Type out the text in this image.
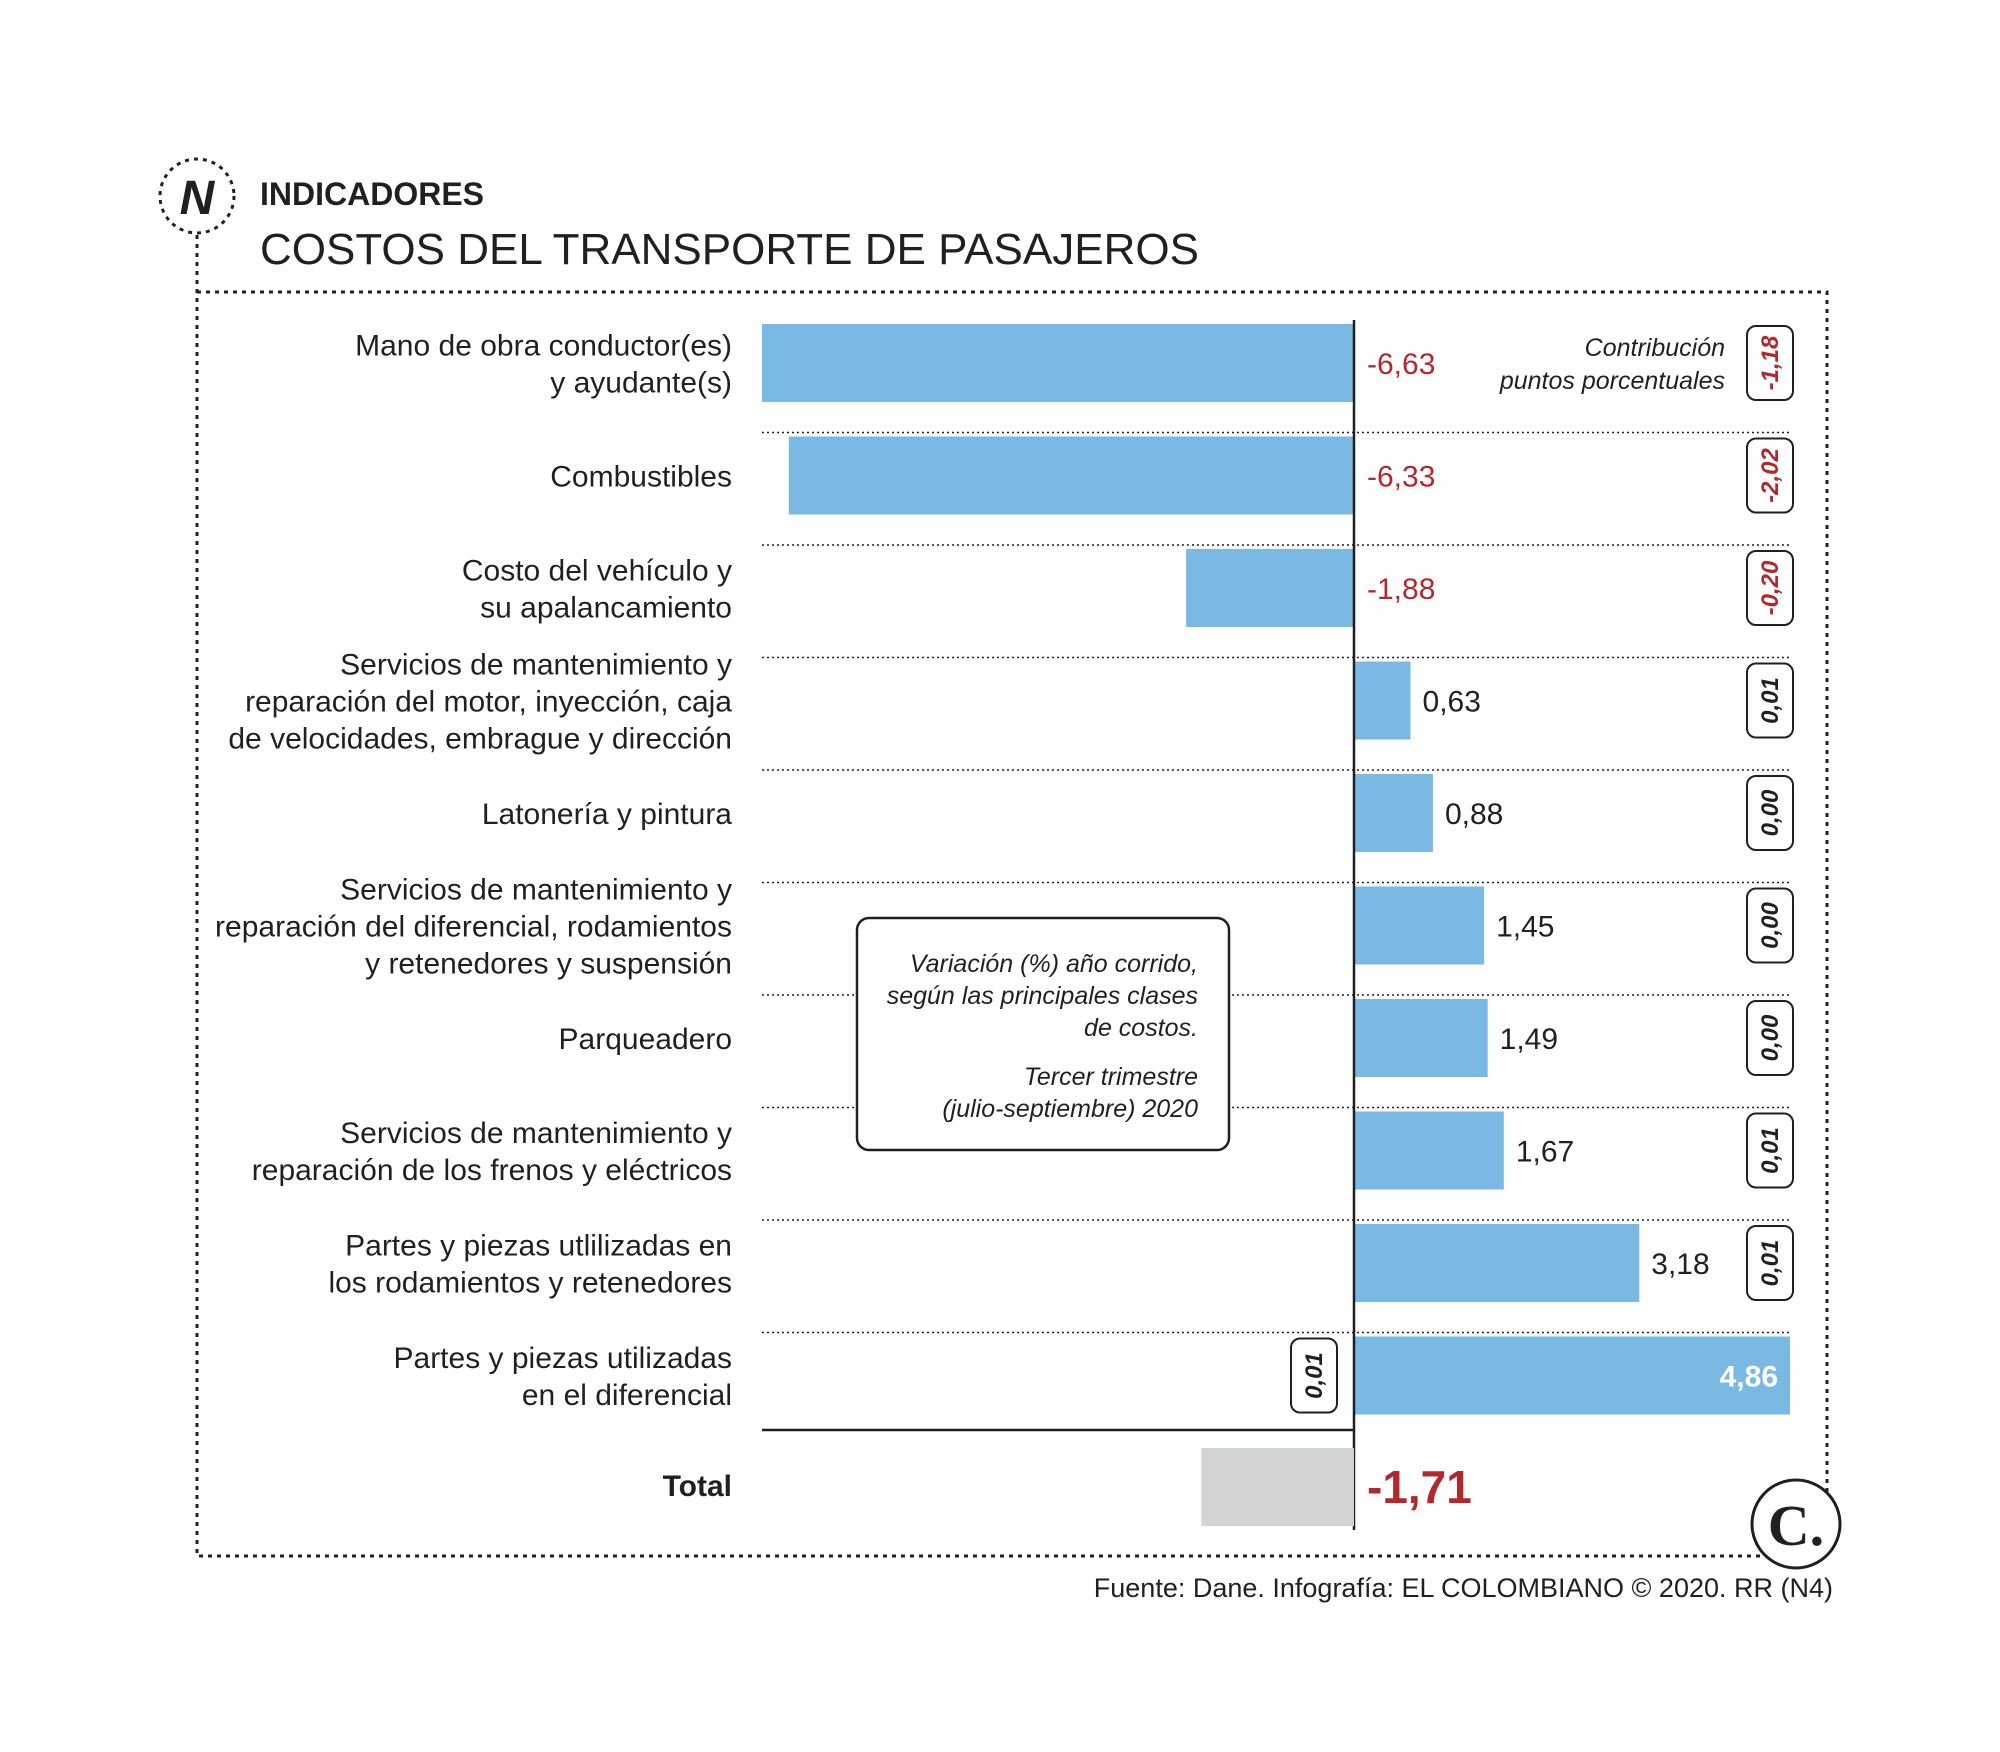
N INDICADORES
COSTOS DEL TRANSPORTE DE PASAJEROS
Mano de obra conductor(es)
y ayudante(s)
Combustibles
Costo del vehículo y
su apalancamiento
Servicios de mantenimiento y
reparación del motor, inyección, caja
de velocidades, embrague y dirección
Latonería y pintura
Servicios de mantenimiento y
reparación del diferencial, rodamientos
y retenedores y suspensión
Parqueadero
Servicios de mantenimiento y
reparación de los frenos y eléctricos
Partes y piezas utlilizadas en
los rodamientos y retenedores
Partes y piezas utilizadas
en el diferencial
-6,63
-6,33
-1,88
0,63
0,88
1,45
1,49
1,67
3,18
4,86
-1,18
-2,02
-0,20
0,01
0,00
0,00
0,00
0,01
0,01
0,01
Contribución
puntos porcentuales
Variación (%) año corrido,
según las principales clases
de costos.
Tercer trimestre
(julio-septiembre) 2020
Total	-1,71
C.
Fuente: Dane. Infografía: EL COLOMBIANO © 2020. RR (N4)
